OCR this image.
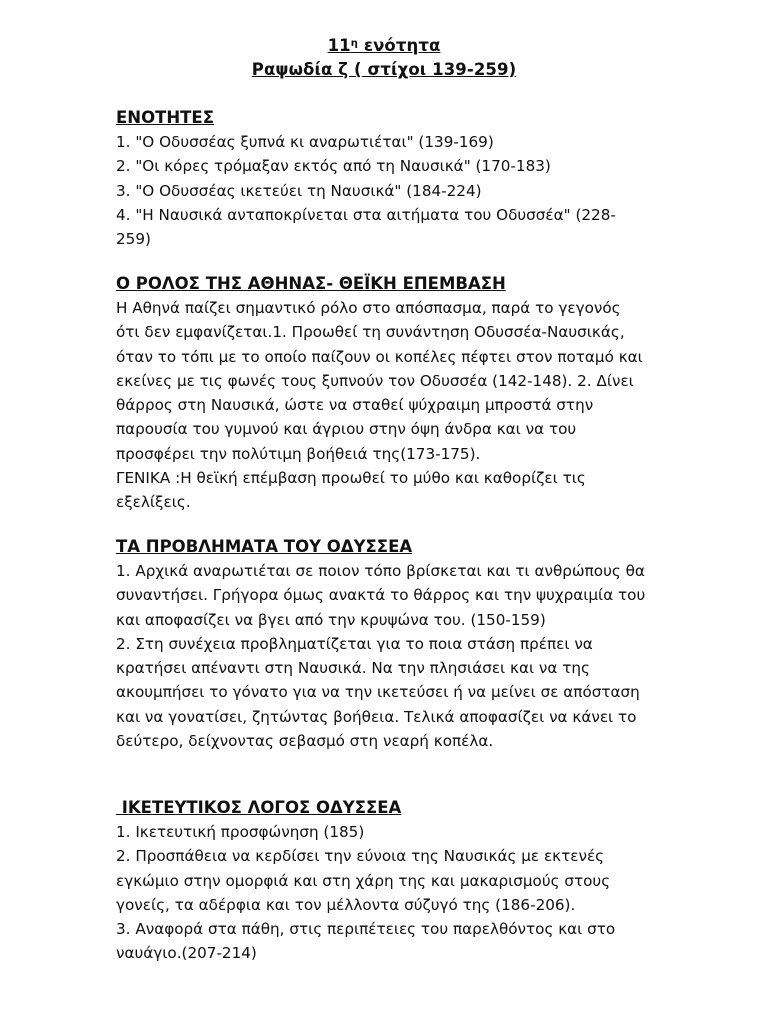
$11^\eta$ ενότητα
Ραψωδία ζ ( στίχοι 139-259)
ΕΝΟΤΗΤΕΣ

1. "Ο Οδυσσέας ξυπνά κι αναρωτιέται" (139-169)

2. "Οι κόρες τρόμαξαν εκτός από τη Ναυσικά" (170-183)

3. "Ο Οδυσσέας ικετεύει τη Ναυσικά" (184-224)

4. "Η Ναυσικά ανταποκρίνεται στα αιτήματα του Οδυσσέα" (228-259)

Ο ΡΟΛΟΣ ΤΗΣ ΑΘΗΝΑΣ- ΘΕΪΚΗ ΕΠΕΜΒΑΣΗ

Η Αθηνά παίζει σημαντικό ρόλο στο απόσπασμα, παρά το γεγονός ότι δεν εμφανίζεται.1. Προωθεί τη συνάντηση Οδυσσέα-Ναυσικάς, όταν το τόπι με το οποίο παίζουν οι κοπέλες πέφτει στον ποταμό και εκείνες με τις φωνές τους ξυπνούν τον Οδυσσέα (142-148). 2. Δίνει θάρρος στη Ναυσικά, ώστε να σταθεί ψύχραιμη μπροστά στην παρουσία του γυμνού και άγριου στην όψη άνδρα και να του προσφέρει την πολύτιμη βοήθειά της(173-175).

ΓΕΝΙΚΑ :Η θεϊκή επέμβαση προωθεί το μύθο και καθορίζει τις εξελίξεις.

ΤΑ ΠΡΟΒΛΗΜΑΤΑ ΤΟΥ ΟΔΥΣΣΕΑ

1. Αρχικά αναρωτιέται σε ποιον τόπο βρίσκεται και τι ανθρώπους θα συναντήσει. Γρήγορα όμως ανακτά το θάρρος και την ψυχραιμία του και αποφασίζει να βγει από την κρυψώνα του. (150-159)

2. Στη συνέχεια προβληματίζεται για το ποια στάση πρέπει να κρατήσει απέναντι στη Ναυσικά. Να την πλησιάσει και να της ακουμπήσει το γόνατο για να την ικετεύσει ή να μείνει σε απόσταση και να γονατίσει, ζητώντας βοήθεια. Τελικά αποφασίζει να κάνει το δεύτερο, δείχνοντας σεβασμό στη νεαρή κοπέλα.

ΙΚΕΤΕΥΤΙΚΟΣ ΛΟΓΟΣ ΟΔΥΣΣΕΑ

1. Ικετευτική προσφώνηση (185)

2. Προσπάθεια να κερδίσει την εύνοια της Ναυσικάς με εκτενές εγκώμιο στην ομορφιά και στη χάρη της και μακαρισμούς στους γονείς, τα αδέρφια και τον μέλλοντα σύζυγό της (186-206).

3. Αναφορά στα πάθη, στις περιπέτειες του παρελθόντος και στο ναυάγιο.(207-214)
